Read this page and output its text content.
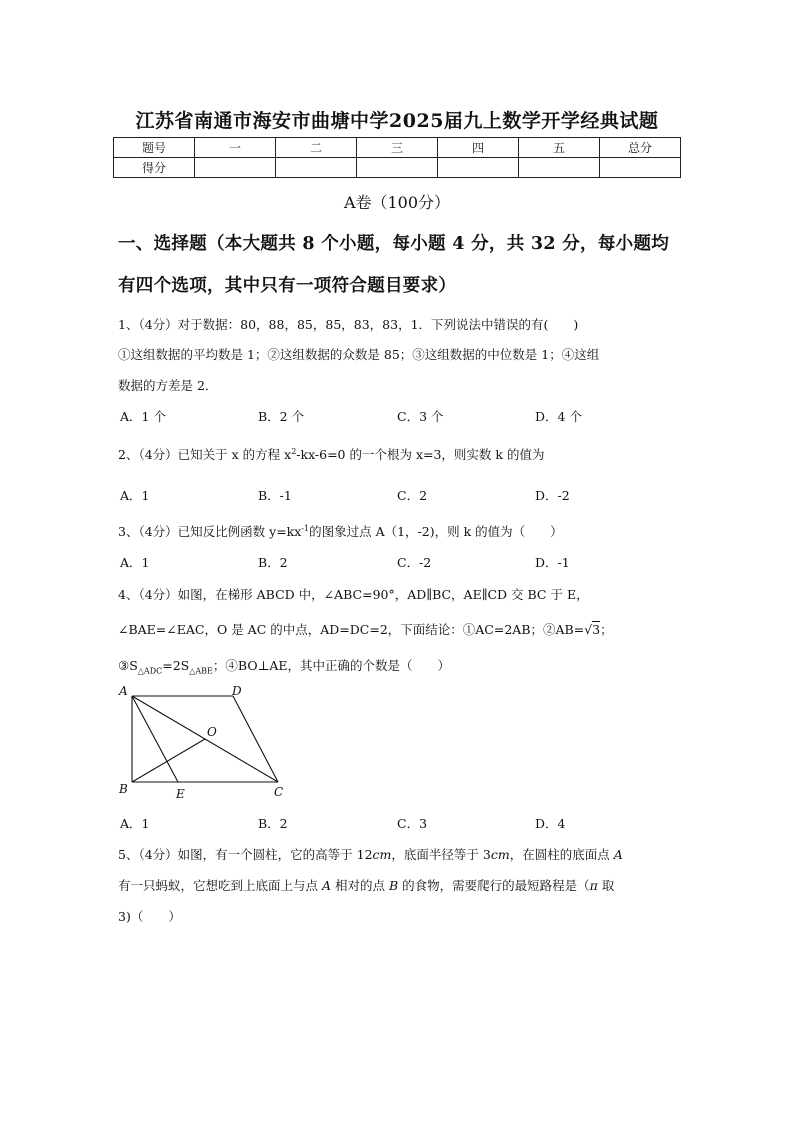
江苏省南通市海安市曲塘中学2025届九上数学开学经典试题
题号	一	二	三	四	五	总分
得分						
A卷（100分）
一、选择题（本大题共 8 个小题，每小题 4 分，共 32 分，每小题均
有四个选项，其中只有一项符合题目要求）
1、（4分）对于数据：80，88，85，85，83，83，1．下列说法中错误的有(　　)
①这组数据的平均数是 1；②这组数据的众数是 85；③这组数据的中位数是 1；④这组
数据的方差是 2．
A．1 个	B．2 个	C．3 个	D．4 个
2、（4分）已知关于 x 的方程 $x^2-kx-6=0$ 的一个根为 x=3，则实数 k 的值为
A．1	B．-1	C．2	D．-2
3、（4分）已知反比例函数 $y=kx^{-1}$的图象过点 A（1，-2)，则 k 的值为（　　）
A．1	B．2	C．-2	D．-1
4、（4分）如图，在梯形 ABCD 中，∠ABC=90°，AD∥BC，AE∥CD 交 BC 于 E，
∠BAE=∠EAC，O 是 AC 的中点，AD=DC=2，下面结论：①AC=2AB；②AB=√3；
$③S_{\triangle ADC}=2S_{\triangle ABE}$；④BO⊥AE，其中正确的个数是（　　）
A	D
O
B	E	C
A．1	B．2	C．3	D．4
5、（4分）如图，有一个圆柱，它的高等于 12cm，底面半径等于 3cm，在圆柱的底面点 A
有一只蚂蚁，它想吃到上底面上与点 A 相对的点 B 的食物，需要爬行的最短路程是（π 取
3)（　　）
